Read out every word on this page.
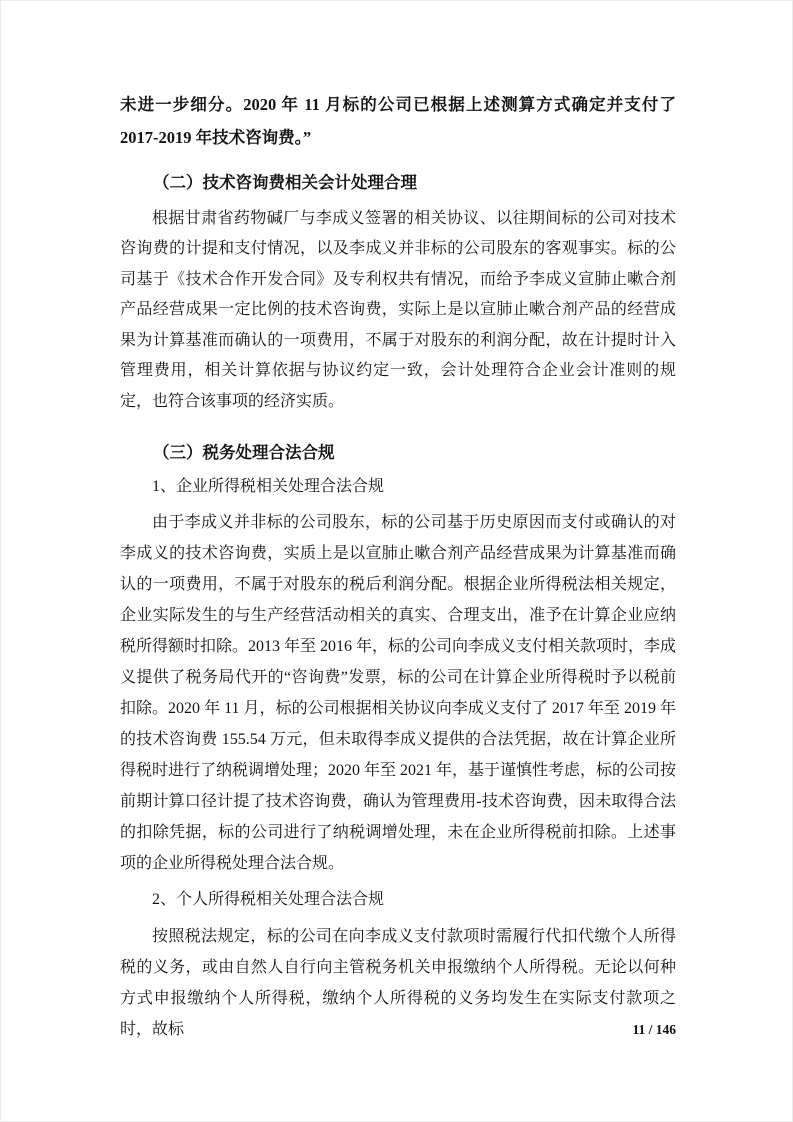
未进一步细分。2020 年 11 月标的公司已根据上述测算方式确定并支付了 2017-2019 年技术咨询费。”

（二）技术咨询费相关会计处理合理

根据甘肃省药物碱厂与李成义签署的相关协议、以往期间标的公司对技术咨询费的计提和支付情况，以及李成义并非标的公司股东的客观事实。标的公司基于《技术合作开发合同》及专利权共有情况，而给予李成义宣肺止嗽合剂产品经营成果一定比例的技术咨询费，实际上是以宣肺止嗽合剂产品的经营成果为计算基准而确认的一项费用，不属于对股东的利润分配，故在计提时计入管理费用，相关计算依据与协议约定一致，会计处理符合企业会计准则的规定，也符合该事项的经济实质。

（三）税务处理合法合规

1、企业所得税相关处理合法合规

由于李成义并非标的公司股东，标的公司基于历史原因而支付或确认的对李成义的技术咨询费，实质上是以宣肺止嗽合剂产品经营成果为计算基准而确认的一项费用，不属于对股东的税后利润分配。根据企业所得税法相关规定，企业实际发生的与生产经营活动相关的真实、合理支出，准予在计算企业应纳税所得额时扣除。2013 年至 2016 年，标的公司向李成义支付相关款项时，李成义提供了税务局代开的“咨询费”发票，标的公司在计算企业所得税时予以税前扣除。2020 年 11 月，标的公司根据相关协议向李成义支付了 2017 年至 2019 年的技术咨询费 155.54 万元，但未取得李成义提供的合法凭据，故在计算企业所得税时进行了纳税调增处理；2020 年至 2021 年，基于谨慎性考虑，标的公司按前期计算口径计提了技术咨询费，确认为管理费用-技术咨询费，因未取得合法的扣除凭据，标的公司进行了纳税调增处理，未在企业所得税前扣除。上述事项的企业所得税处理合法合规。

2、个人所得税相关处理合法合规

按照税法规定，标的公司在向李成义支付款项时需履行代扣代缴个人所得税的义务，或由自然人自行向主管税务机关申报缴纳个人所得税。无论以何种方式申报缴纳个人所得税，缴纳个人所得税的义务均发生在实际支付款项之时，故标	11 / 146
